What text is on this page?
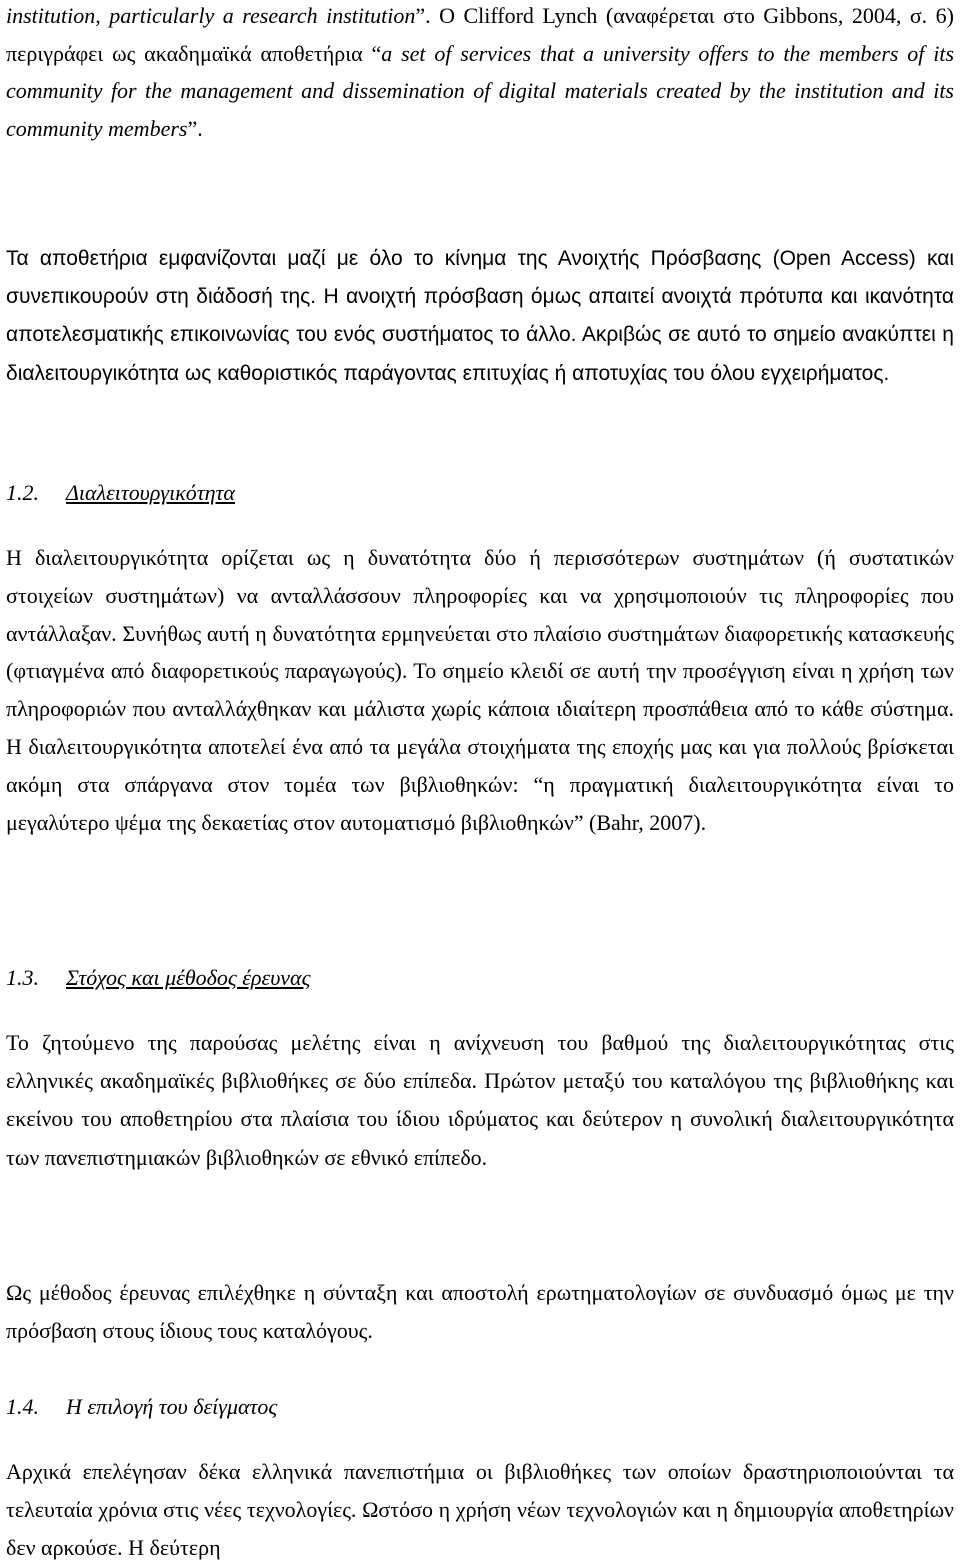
institution, particularly a research institution”. O Clifford Lynch (αναφέρεται στο Gibbons, 2004, σ. 6) περιγράφει ως ακαδημαϊκά αποθετήρια “a set of services that a university offers to the members of its community for the management and dissemination of digital materials created by the institution and its community members”.

Τα αποθετήρια εμφανίζονται μαζί με όλο το κίνημα της Ανοιχτής Πρόσβασης (Open Access) και συνεπικουρούν στη διάδοσή της. Η ανοιχτή πρόσβαση όμως απαιτεί ανοιχτά πρότυπα και ικανότητα αποτελεσματικής επικοινωνίας του ενός συστήματος το άλλο. Ακριβώς σε αυτό το σημείο ανακύπτει η διαλειτουργικότητα ως καθοριστικός παράγοντας επιτυχίας ή αποτυχίας του όλου εγχειρήματος.

1.2. Διαλειτουργικότητα

Η διαλειτουργικότητα ορίζεται ως η δυνατότητα δύο ή περισσότερων συστημάτων (ή συστατικών στοιχείων συστημάτων) να ανταλλάσσουν πληροφορίες και να χρησιμοποιούν τις πληροφορίες που αντάλλαξαν. Συνήθως αυτή η δυνατότητα ερμηνεύεται στο πλαίσιο συστημάτων διαφορετικής κατασκευής (φτιαγμένα από διαφορετικούς παραγωγούς). Το σημείο κλειδί σε αυτή την προσέγγιση είναι η χρήση των πληροφοριών που ανταλλάχθηκαν και μάλιστα χωρίς κάποια ιδιαίτερη προσπάθεια από το κάθε σύστημα. Η διαλειτουργικότητα αποτελεί ένα από τα μεγάλα στοιχήματα της εποχής μας και για πολλούς βρίσκεται ακόμη στα σπάργανα στον τομέα των βιβλιοθηκών: “η πραγματική διαλειτουργικότητα είναι το μεγαλύτερο ψέμα της δεκαετίας στον αυτοματισμό βιβλιοθηκών” (Bahr, 2007).

1.3. Στόχος και μέθοδος έρευνας

Το ζητούμενο της παρούσας μελέτης είναι η ανίχνευση του βαθμού της διαλειτουργικότητας στις ελληνικές ακαδημαϊκές βιβλιοθήκες σε δύο επίπεδα. Πρώτον μεταξύ του καταλόγου της βιβλιοθήκης και εκείνου του αποθετηρίου στα πλαίσια του ίδιου ιδρύματος και δεύτερον η συνολική διαλειτουργικότητα των πανεπιστημιακών βιβλιοθηκών σε εθνικό επίπεδο.

Ως μέθοδος έρευνας επιλέχθηκε η σύνταξη και αποστολή ερωτηματολογίων σε συνδυασμό όμως με την πρόσβαση στους ίδιους τους καταλόγους.

1.4. Η επιλογή του δείγματος

Αρχικά επελέγησαν δέκα ελληνικά πανεπιστήμια οι βιβλιοθήκες των οποίων δραστηριοποιούνται τα τελευταία χρόνια στις νέες τεχνολογίες. Ωστόσο η χρήση νέων τεχνολογιών και η δημιουργία αποθετηρίων δεν αρκούσε. Η δεύτερη
